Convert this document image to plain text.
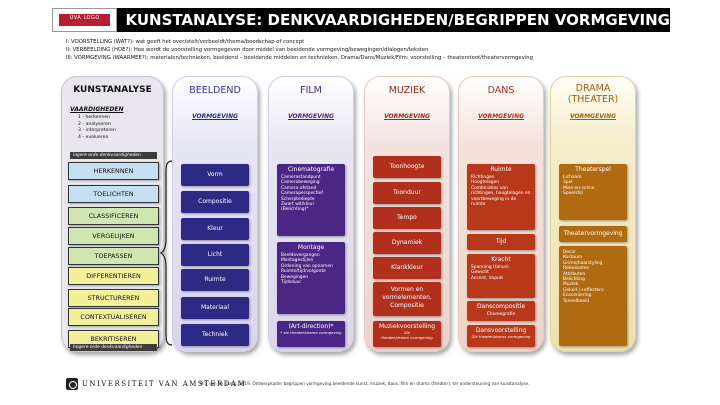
UVA LOGO	KUNSTANALYSE: DENKVAARDIGHEDEN/BEGRIPPEN VORMGEVING
I: VOORSTELLING (WAT?): wat geeft het over/stelt/verbeeldt/thema/boodschap of concept
II: VERBEELDING (HOE?): Hoe wordt de voorstelling vormgegeven door middel van beeldende vormgeving/bewegingen/dialogen/teksten
III: VORMGEVING (WAARMEE?): materialen/technieken, beeldend – beeldende middelen en technieken, Drama/Dans/Muziek/Film: voorstelling – theaterstoot/theatervormgeving
KUNSTANALYSE
VAARDIGHEDEN
1 - herkennen
2 - analyseren
3 - interpreteren
4 - evalueren
lagere orde denkvaardigheden
HERKENNEN
TOELICHTEN
CLASSIFICEREN
VERGELIJKEN
TOEPASSEN
DIFFERENTIEREN
STRUCTUREREN
CONTEXTUALISEREN
BEKRITISEREN
hogere orde denkvaardigheden
BEELDEND
VORMGEVING
Vorm
Compositie
Kleur
Licht
Ruimte
Materiaal
Techniek
FILM
VORMGEVING
Cinematografie
Camerastandpunt
Camerabeweging
Camera-afstand
Cameraperspectief
Scherptediepte
Zwart wit/kleur
(Belichting)*
Montage
Beeldovergangen
Montagestijlen
Ordening van opnamen
Ruimte/tijd/volgorde
Bewegingen
Tijdsduur
(Art-direction)*
* zie theater/drama vormgeving
MUZIEK
VORMGEVING
Toonhoogte
Toonduur
Tempo
Dynamiek
Klankkleur
Vormen en vormelementen, Compositie
Muziekvoorstelling
Zie
theater/drama vormgeving
DANS
VORMGEVING
Ruimte
Richtingen
Hoogtelagen
Combinaties van richtingen, hoogtelagen en voortbeweging in de ruimte
Tijd
Kracht
Spanning (tonus)
Gewicht
Accent, impuls
Danscompositie
Choreografie
Dansvoorstelling
Zie theater/drama vormgeving
DRAMA
(THEATER)
VORMGEVING
Theaterspel
Lichaam
Spel
Mise-en-scène
Speelstijl
Theatervormgeving
Decor
Kostuum
Grime/haarstyling
Rekwisieten
Attributen
Belichting
Muziek
Geluid (+effecten)
Ensceniering
Toneelbeeld
UNIVERSITEIT VAN AMSTERDAM
M.J. van de Kamp, 2019. Ontwerpkader begrippen vormgeving beeldende kunst, muziek, dans, film en drama (theater), ter ondersteuning van kunstanalyse.
